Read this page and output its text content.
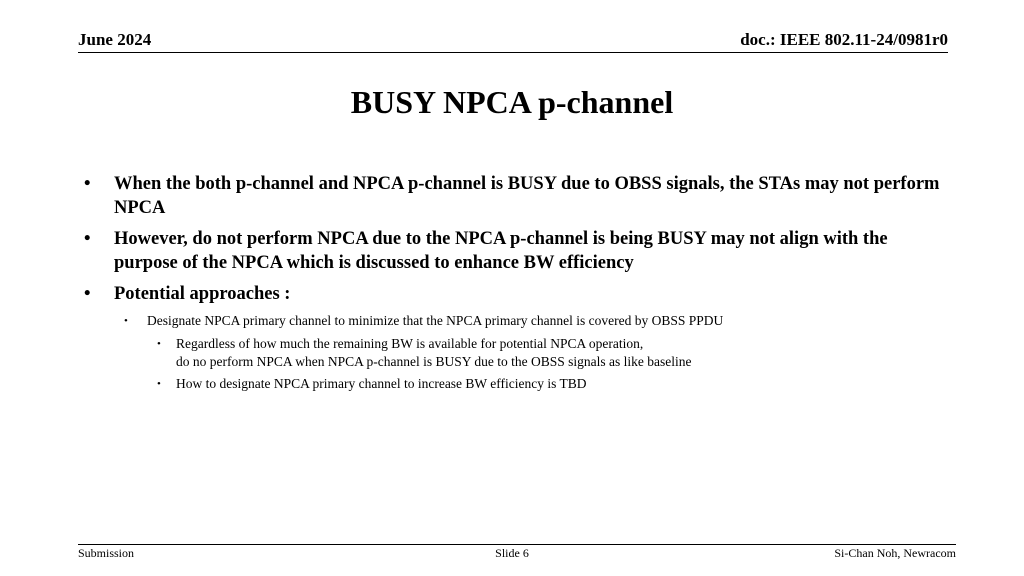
June 2024	doc.: IEEE 802.11-24/0981r0
BUSY NPCA p-channel
• When the both p-channel and NPCA p-channel is BUSY due to OBSS signals, the STAs may not perform NPCA
• However, do not perform NPCA due to the NPCA p-channel is being BUSY may not align with the purpose of the NPCA which is discussed to enhance BW efficiency
• Potential approaches :
• Designate NPCA primary channel to minimize that the NPCA primary channel is covered by OBSS PPDU
• Regardless of how much the remaining BW is available for potential NPCA operation,
do no perform NPCA when NPCA p-channel is BUSY due to the OBSS signals as like baseline
• How to designate NPCA primary channel to increase BW efficiency is TBD
Submission	Slide 6	Si-Chan Noh, Newracom
